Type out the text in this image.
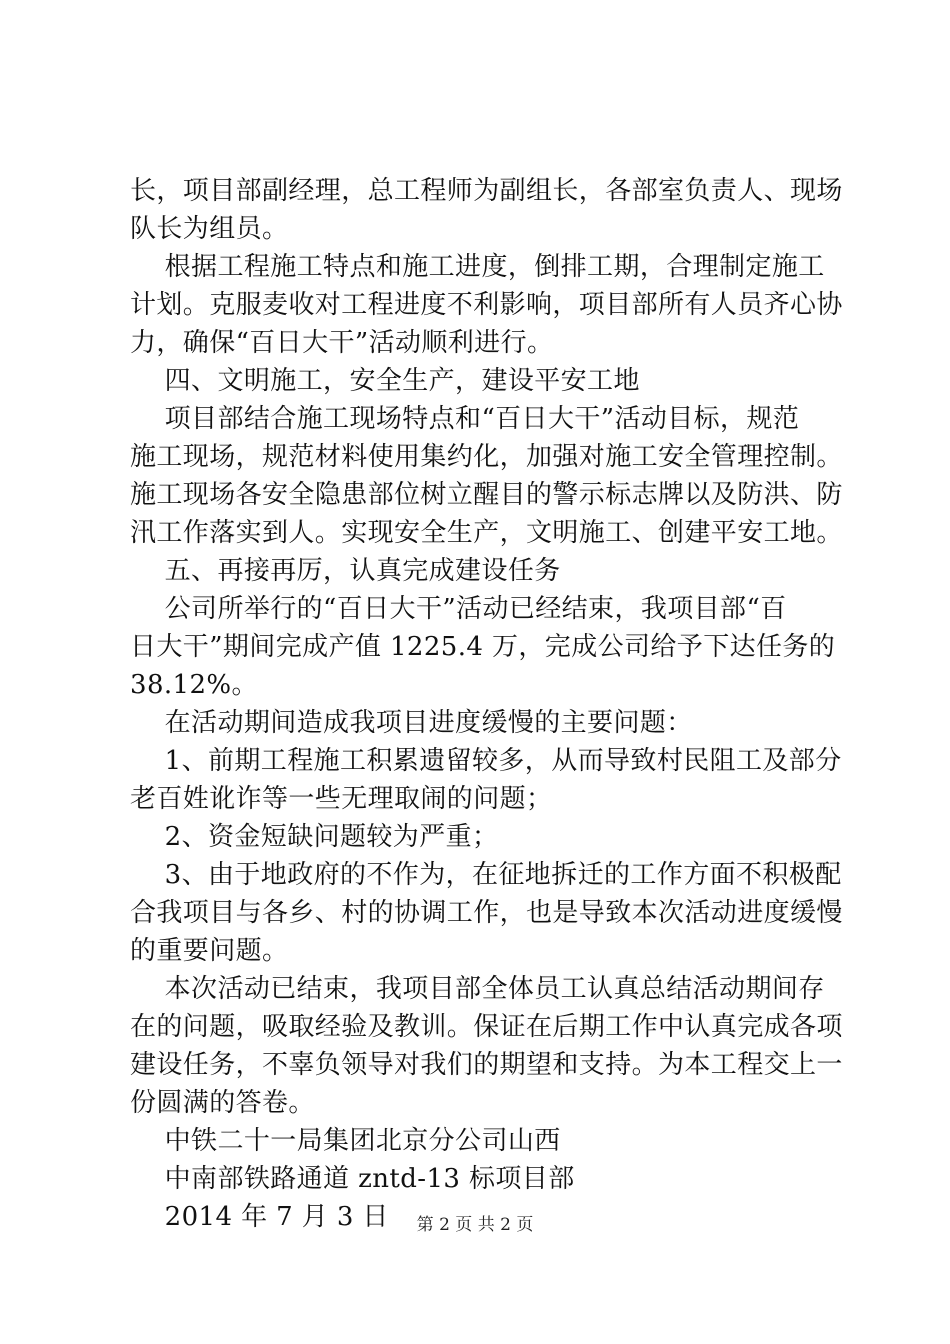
长，项目部副经理，总工程师为副组长，各部室负责人、现场
队长为组员。
根据工程施工特点和施工进度，倒排工期，合理制定施工
计划。克服麦收对工程进度不利影响，项目部所有人员齐心协
力，确保“百日大干”活动顺利进行。
四、文明施工，安全生产，建设平安工地
项目部结合施工现场特点和“百日大干”活动目标，规范
施工现场，规范材料使用集约化，加强对施工安全管理控制。
施工现场各安全隐患部位树立醒目的警示标志牌以及防洪、防
汛工作落实到人。实现安全生产，文明施工、创建平安工地。
五、再接再厉，认真完成建设任务
公司所举行的“百日大干”活动已经结束，我项目部“百
日大干”期间完成产值 1225.4 万，完成公司给予下达任务的
38.12%。
在活动期间造成我项目进度缓慢的主要问题：
1、前期工程施工积累遗留较多，从而导致村民阻工及部分
老百姓讹诈等一些无理取闹的问题；
2、资金短缺问题较为严重；
3、由于地政府的不作为，在征地拆迁的工作方面不积极配
合我项目与各乡、村的协调工作，也是导致本次活动进度缓慢
的重要问题。
本次活动已结束，我项目部全体员工认真总结活动期间存
在的问题，吸取经验及教训。保证在后期工作中认真完成各项
建设任务，不辜负领导对我们的期望和支持。为本工程交上一
份圆满的答卷。
中铁二十一局集团北京分公司山西
中南部铁路通道 zntd-13 标项目部
2014 年 7 月 3 日	第 2 页 共 2 页
